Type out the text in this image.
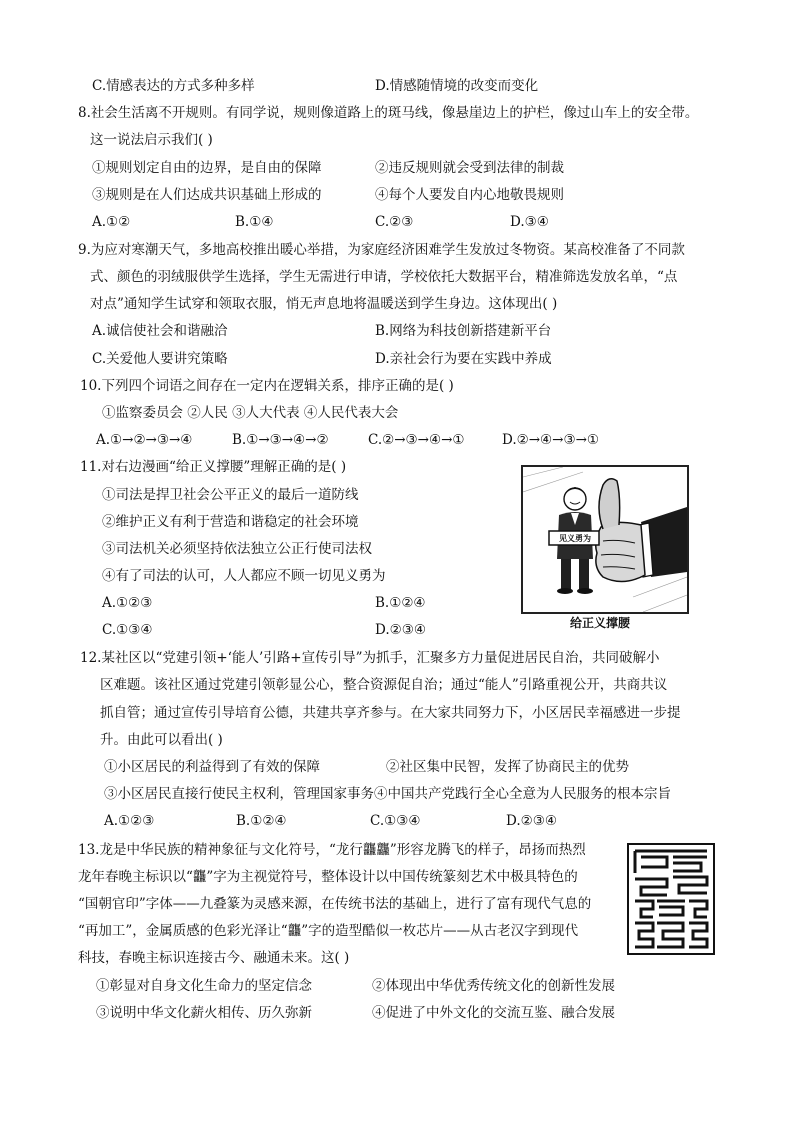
C.情感表达的方式多种多样	D.情感随情境的改变而变化
8.社会生活离不开规则。有同学说，规则像道路上的斑马线，像悬崖边上的护栏，像过山车上的安全带。
这一说法启示我们( )
①规则划定自由的边界，是自由的保障	②违反规则就会受到法律的制裁
③规则是在人们达成共识基础上形成的	④每个人要发自内心地敬畏规则
A.①②	B.①④	C.②③	D.③④
9.为应对寒潮天气，多地高校推出暖心举措，为家庭经济困难学生发放过冬物资。某高校准备了不同款
式、颜色的羽绒服供学生选择，学生无需进行申请，学校依托大数据平台，精准筛选发放名单，“点
对点”通知学生试穿和领取衣服，悄无声息地将温暖送到学生身边。这体现出( )
A.诚信使社会和谐融洽	B.网络为科技创新搭建新平台
C.关爱他人要讲究策略	D.亲社会行为要在实践中养成
10.下列四个词语之间存在一定内在逻辑关系，排序正确的是( )
①监察委员会 ②人民 ③人大代表 ④人民代表大会
A.①→②→③→④	B.①→③→④→②	C.②→③→④→①	D.②→④→③→①
11.对右边漫画“给正义撑腰”理解正确的是( )
①司法是捍卫社会公平正义的最后一道防线
②维护正义有利于营造和谐稳定的社会环境
③司法机关必须坚持依法独立公正行使司法权
④有了司法的认可，人人都应不顾一切见义勇为
A.①②③	B.①②④
C.①③④	D.②③④
见义勇为
给正义撑腰
12.某社区以“党建引领+‘能人’引路+宣传引导”为抓手，汇聚多方力量促进居民自治，共同破解小
区难题。该社区通过党建引领彰显公心，整合资源促自治；通过“能人”引路重视公开，共商共议
抓自管；通过宣传引导培育公德，共建共享齐参与。在大家共同努力下，小区居民幸福感进一步提
升。由此可以看出( )
①小区居民的利益得到了有效的保障	②社区集中民智，发挥了协商民主的优势
③小区居民直接行使民主权利，管理国家事务④中国共产党践行全心全意为人民服务的根本宗旨
A.①②③	B.①②④	C.①③④	D.②③④
13.龙是中华民族的精神象征与文化符号，“龙行龘龘”形容龙腾飞的样子，昂扬而热烈
龙年春晚主标识以“龘”字为主视觉符号，整体设计以中国传统篆刻艺术中极具特色的
“国朝官印”字体——九叠篆为灵感来源，在传统书法的基础上，进行了富有现代气息的
“再加工”，金属质感的色彩光泽让“龘”字的造型酷似一枚芯片——从古老汉字到现代
科技，春晚主标识连接古今、融通未来。这( )
①彰显对自身文化生命力的坚定信念	②体现出中华优秀传统文化的创新性发展
③说明中华文化薪火相传、历久弥新	④促进了中外文化的交流互鉴、融合发展
